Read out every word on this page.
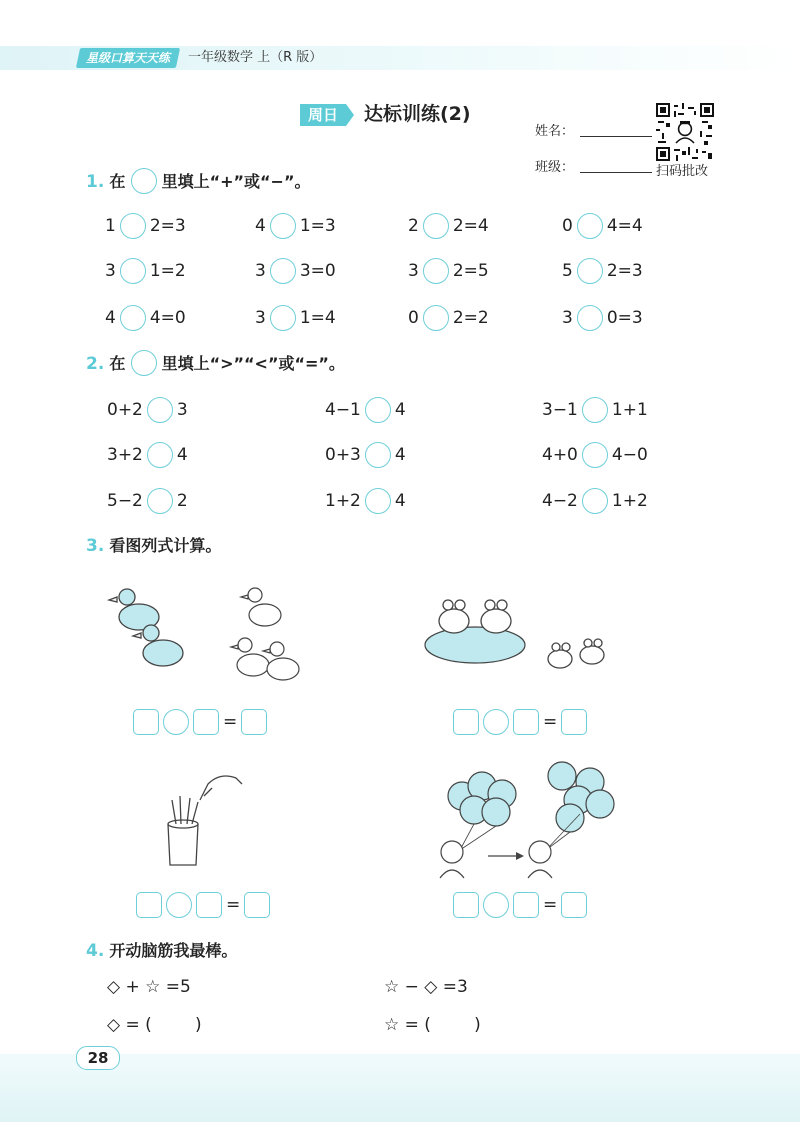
星级口算天天练	一年级数学 上（R 版）
周日	达标训练(2)
姓名：
班级：	扫码批改
1. 在 里填上“+”或“−”。
1 2=3	4 1=3	2 2=4	0 4=4
3 1=2	3 3=0	3 2=5	5 2=3
4 4=0	3 1=4	0 2=2	3 0=3
2. 在 里填上“>”“<”或“=”。
0+2 3	4−1 4	3−1 1+1
3+2 4	0+3 4	4+0 4−0
5−2 2	1+2 4	4−2 1+2
3. 看图列式计算。
=	=
=	=
4. 开动脑筋我最棒。
◇ + ☆ =5	☆ − ◇ =3
◇ = (        )	☆ = (        )
28
